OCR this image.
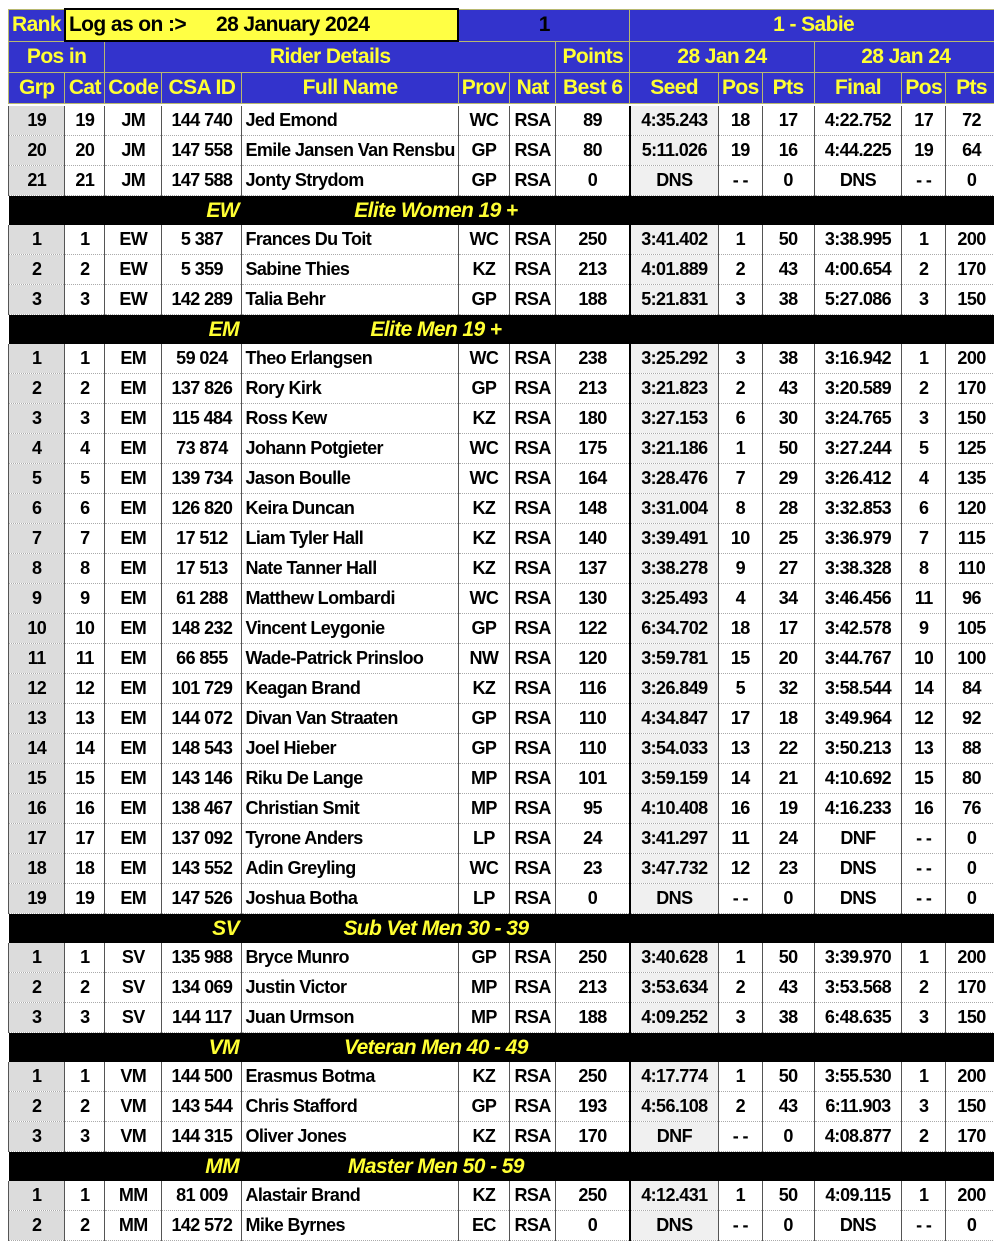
Rank	Log as on :> 28 January 2024				1			1 - Sabie					
Pos in		Rider Details					Points	28 Jan 24			28 Jan 24		
Grp	Cat	Code	CSA ID	Full Name	Prov	Nat	Best 6	Seed	Pos	Pts	Final	Pos	Pts

19	19	JM	144 740	Jed Emond	WC	RSA	89	4:35.243	18	17	4:22.752	17	72
20	20	JM	147 558	Emile Jansen Van Rensbu	GP	RSA	80	5:11.026	19	16	4:44.225	19	64
21	21	JM	147 588	Jonty Strydom	GP	RSA	0	DNS	- -	0	DNS	- -	0
		EW		Elite Women 19 +									
1	1	EW	5 387	Frances Du Toit	WC	RSA	250	3:41.402	1	50	3:38.995	1	200
2	2	EW	5 359	Sabine Thies	KZ	RSA	213	4:01.889	2	43	4:00.654	2	170
3	3	EW	142 289	Talia Behr	GP	RSA	188	5:21.831	3	38	5:27.086	3	150
		EM		Elite Men 19 +									
1	1	EM	59 024	Theo Erlangsen	WC	RSA	238	3:25.292	3	38	3:16.942	1	200
2	2	EM	137 826	Rory Kirk	GP	RSA	213	3:21.823	2	43	3:20.589	2	170
3	3	EM	115 484	Ross Kew	KZ	RSA	180	3:27.153	6	30	3:24.765	3	150
4	4	EM	73 874	Johann Potgieter	WC	RSA	175	3:21.186	1	50	3:27.244	5	125
5	5	EM	139 734	Jason Boulle	WC	RSA	164	3:28.476	7	29	3:26.412	4	135
6	6	EM	126 820	Keira Duncan	KZ	RSA	148	3:31.004	8	28	3:32.853	6	120
7	7	EM	17 512	Liam Tyler Hall	KZ	RSA	140	3:39.491	10	25	3:36.979	7	115
8	8	EM	17 513	Nate Tanner Hall	KZ	RSA	137	3:38.278	9	27	3:38.328	8	110
9	9	EM	61 288	Matthew Lombardi	WC	RSA	130	3:25.493	4	34	3:46.456	11	96
10	10	EM	148 232	Vincent Leygonie	GP	RSA	122	6:34.702	18	17	3:42.578	9	105
11	11	EM	66 855	Wade-Patrick Prinsloo	NW	RSA	120	3:59.781	15	20	3:44.767	10	100
12	12	EM	101 729	Keagan Brand	KZ	RSA	116	3:26.849	5	32	3:58.544	14	84
13	13	EM	144 072	Divan Van Straaten	GP	RSA	110	4:34.847	17	18	3:49.964	12	92
14	14	EM	148 543	Joel Hieber	GP	RSA	110	3:54.033	13	22	3:50.213	13	88
15	15	EM	143 146	Riku De Lange	MP	RSA	101	3:59.159	14	21	4:10.692	15	80
16	16	EM	138 467	Christian Smit	MP	RSA	95	4:10.408	16	19	4:16.233	16	76
17	17	EM	137 092	Tyrone Anders	LP	RSA	24	3:41.297	11	24	DNF	- -	0
18	18	EM	143 552	Adin Greyling	WC	RSA	23	3:47.732	12	23	DNS	- -	0
19	19	EM	147 526	Joshua Botha	LP	RSA	0	DNS	- -	0	DNS	- -	0
		SV		Sub Vet Men 30 - 39									
1	1	SV	135 988	Bryce Munro	GP	RSA	250	3:40.628	1	50	3:39.970	1	200
2	2	SV	134 069	Justin Victor	MP	RSA	213	3:53.634	2	43	3:53.568	2	170
3	3	SV	144 117	Juan Urmson	MP	RSA	188	4:09.252	3	38	6:48.635	3	150
		VM		Veteran Men 40 - 49									
1	1	VM	144 500	Erasmus Botma	KZ	RSA	250	4:17.774	1	50	3:55.530	1	200
2	2	VM	143 544	Chris Stafford	GP	RSA	193	4:56.108	2	43	6:11.903	3	150
3	3	VM	144 315	Oliver Jones	KZ	RSA	170	DNF	- -	0	4:08.877	2	170
		MM		Master Men 50 - 59									
1	1	MM	81 009	Alastair Brand	KZ	RSA	250	4:12.431	1	50	4:09.115	1	200
2	2	MM	142 572	Mike Byrnes	EC	RSA	0	DNS	- -	0	DNS	- -	0
